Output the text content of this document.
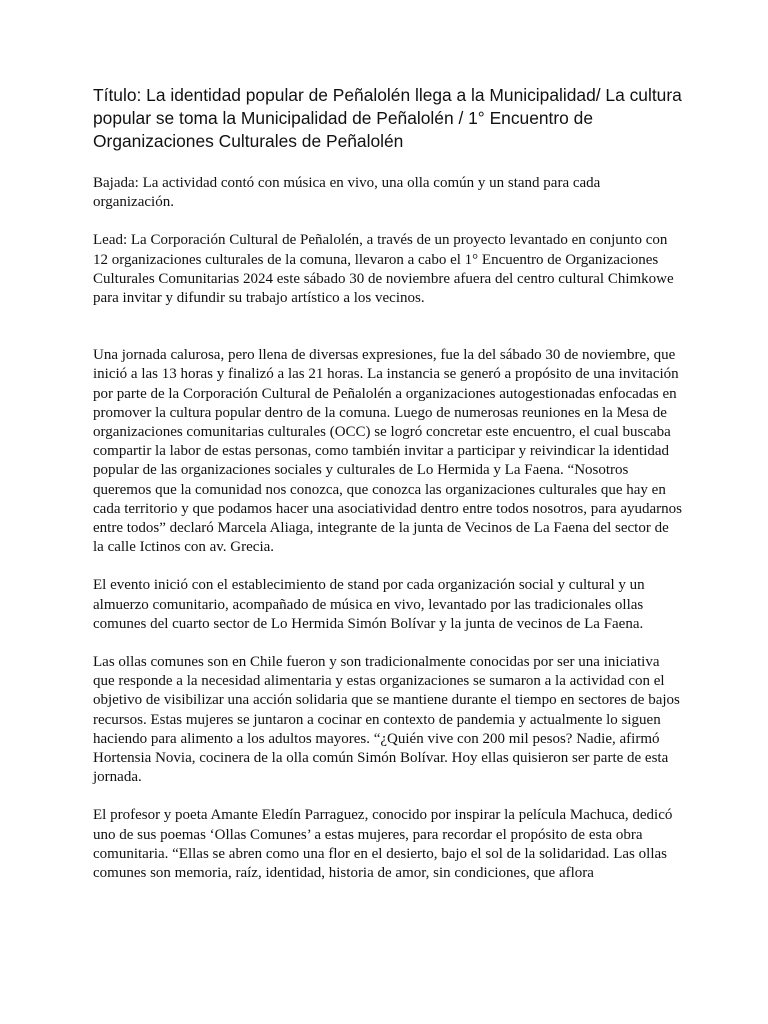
Título: La identidad popular de Peñalolén llega a la Municipalidad/ La cultura popular se toma la Municipalidad de Peñalolén / 1° Encuentro de Organizaciones Culturales de Peñalolén

Bajada: La actividad contó con música en vivo, una olla común y un stand para cada organización.

Lead: La Corporación Cultural de Peñalolén, a través de un proyecto levantado en conjunto con 12 organizaciones culturales de la comuna, llevaron a cabo el 1° Encuentro de Organizaciones Culturales Comunitarias 2024 este sábado 30 de noviembre afuera del centro cultural Chimkowe para invitar y difundir su trabajo artístico a los vecinos.

Una jornada calurosa, pero llena de diversas expresiones, fue la del sábado 30 de noviembre, que inició a las 13 horas y finalizó a las 21 horas. La instancia se generó a propósito de una invitación por parte de la Corporación Cultural de Peñalolén a organizaciones autogestionadas enfocadas en promover la cultura popular dentro de la comuna. Luego de numerosas reuniones en la Mesa de organizaciones comunitarias culturales (OCC) se logró concretar este encuentro, el cual buscaba compartir la labor de estas personas, como también invitar a participar y reivindicar la identidad popular de las organizaciones sociales y culturales de Lo Hermida y La Faena. “Nosotros queremos que la comunidad nos conozca, que conozca las organizaciones culturales que hay en cada territorio y que podamos hacer una asociatividad dentro entre todos nosotros, para ayudarnos entre todos” declaró Marcela Aliaga, integrante de la junta de Vecinos de La Faena del sector de la calle Ictinos con av. Grecia.

El evento inició con el establecimiento de stand por cada organización social y cultural y un almuerzo comunitario, acompañado de música en vivo, levantado por las tradicionales ollas comunes del cuarto sector de Lo Hermida Simón Bolívar y la junta de vecinos de La Faena.

Las ollas comunes son en Chile fueron y son tradicionalmente conocidas por ser una iniciativa que responde a la necesidad alimentaria y estas organizaciones se sumaron a la actividad con el objetivo de visibilizar una acción solidaria que se mantiene durante el tiempo en sectores de bajos recursos. Estas mujeres se juntaron a cocinar en contexto de pandemia y actualmente lo siguen haciendo para alimento a los adultos mayores. “¿Quién vive con 200 mil pesos? Nadie, afirmó Hortensia Novia, cocinera de la olla común Simón Bolívar. Hoy ellas quisieron ser parte de esta jornada.

El profesor y poeta Amante Eledín Parraguez, conocido por inspirar la película Machuca, dedicó uno de sus poemas ‘Ollas Comunes’ a estas mujeres, para recordar el propósito de esta obra comunitaria. “Ellas se abren como una flor en el desierto, bajo el sol de la solidaridad. Las ollas comunes son memoria, raíz, identidad, historia de amor, sin condiciones, que aflora
